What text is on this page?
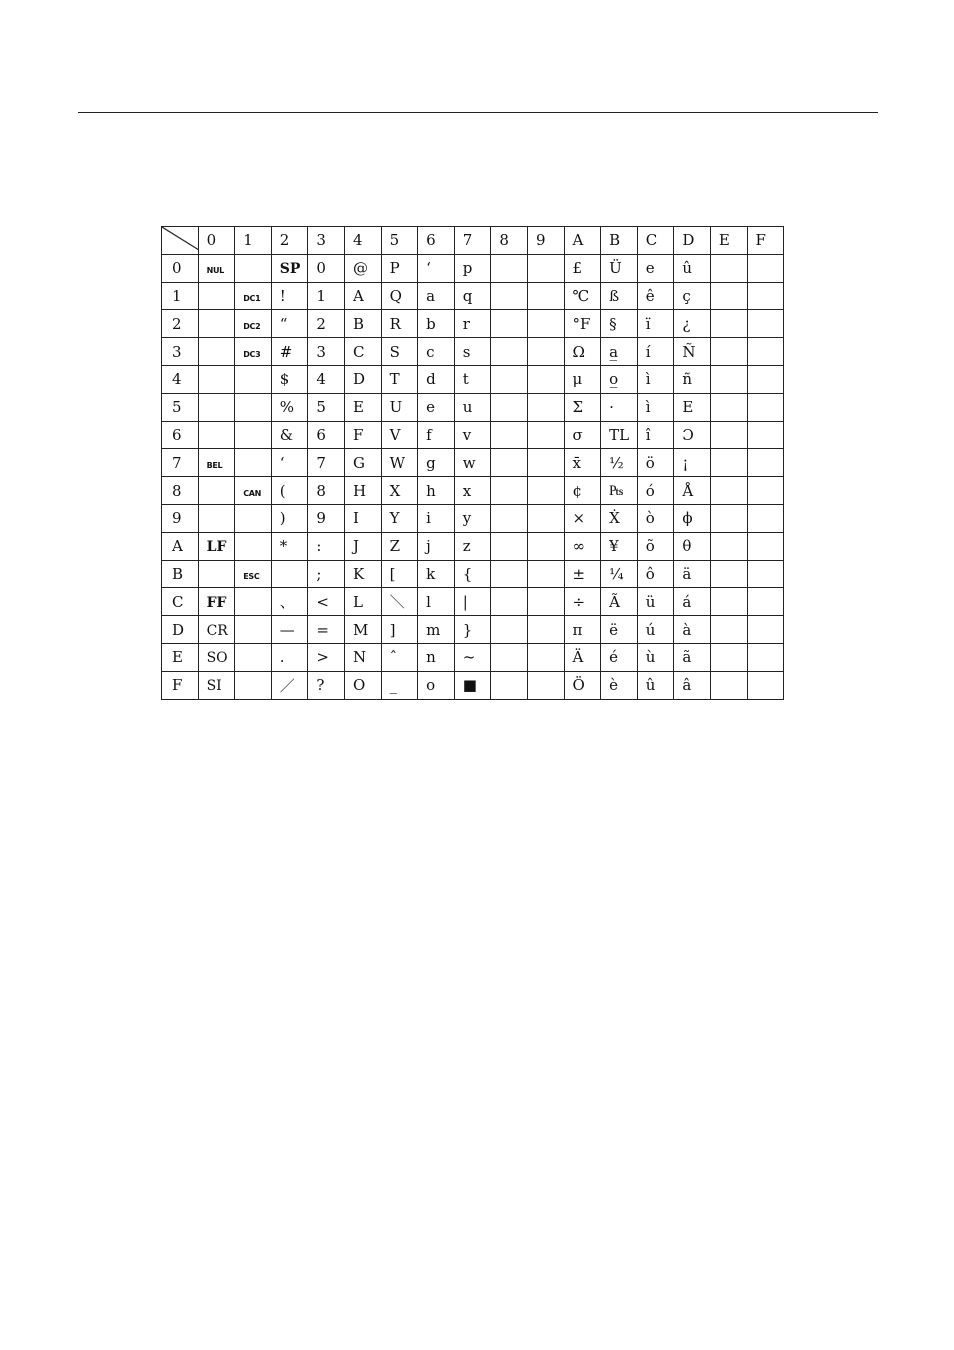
	0	1	2	3	4	5	6	7	8	9	A	B	C	D	E	F
0	NUL		SP	0	@	P	‘	p			£	Ü	e	û		
1		DC1	!	1	A	Q	a	q			℃	ß	ê	ç		
2		DC2	“	2	B	R	b	r			°F	§	ï	¿		
3		DC3	#	3	C	S	c	s			Ω	a̲	í	Ñ		
4			$	4	D	T	d	t			μ	o̲	ì	ñ		
5			%	5	E	U	e	u			Σ	·	ì	E		
6			&	6	F	V	f	v			σ	TL	î	Ɔ		
7	BEL		‘	7	G	W	g	w			x̄	½	ö	¡		
8		CAN	(	8	H	X	h	x			¢	₧	ó	Å		
9			)	9	I	Y	i	y			×	Ẋ	ò	ϕ		
A	LF		*	:	J	Z	j	z			∞	¥	õ	θ		
B		ESC		;	K	[	k	{			±	¼	ô	ä		
C	FF		、	<	L	＼	l	|			÷	Ã	ü	á		
D	CR		—	=	M	]	m	}			π	ë	ú	à		
E	SO		.	>	N	ˆ	n	~			Ä	é	ù	ã		
F	SI		／	?	O	_	o	■			Ö	è	û	â		
